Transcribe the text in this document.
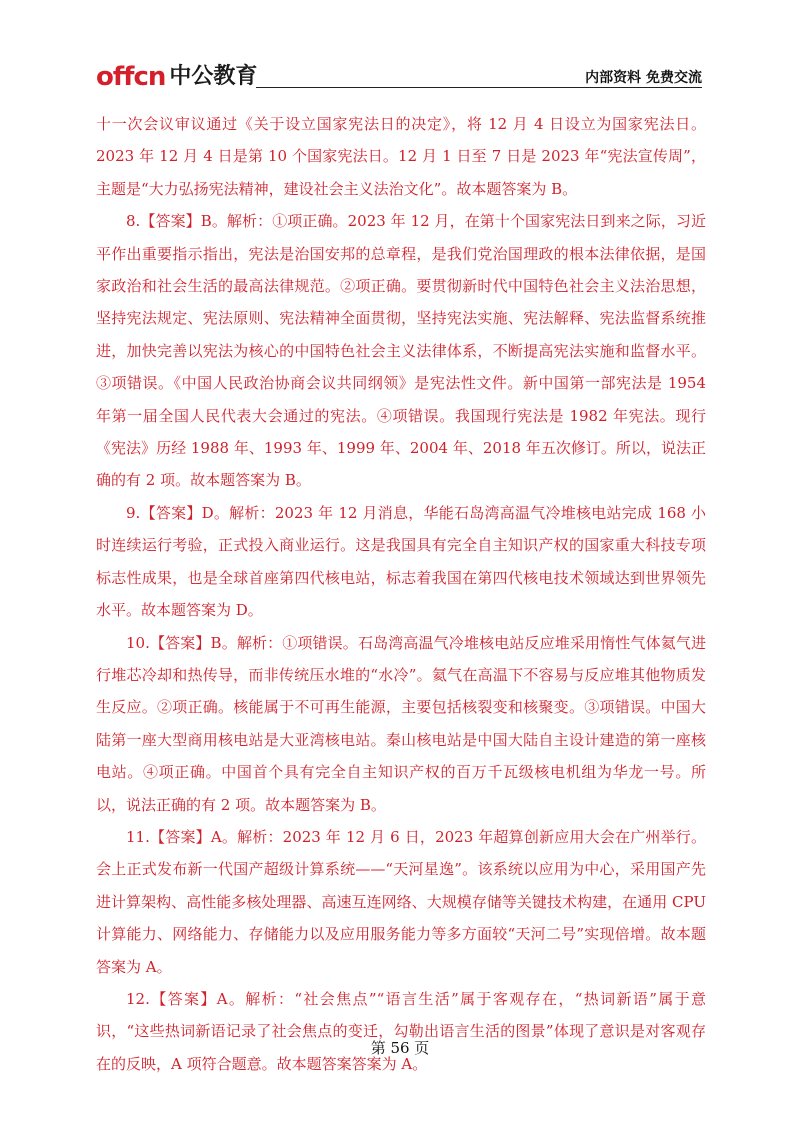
offcn 中公教育	内部资料 免费交流

十一次会议审议通过《关于设立国家宪法日的决定》，将 12 月 4 日设立为国家宪法日。2023 年 12 月 4 日是第 10 个国家宪法日。12 月 1 日至 7 日是 2023 年“宪法宣传周”，主题是“大力弘扬宪法精神，建设社会主义法治文化”。故本题答案为 B。

8.【答案】B。解析：①项正确。2023 年 12 月，在第十个国家宪法日到来之际，习近平作出重要指示指出，宪法是治国安邦的总章程，是我们党治国理政的根本法律依据，是国家政治和社会生活的最高法律规范。②项正确。要贯彻新时代中国特色社会主义法治思想，坚持宪法规定、宪法原则、宪法精神全面贯彻，坚持宪法实施、宪法解释、宪法监督系统推进，加快完善以宪法为核心的中国特色社会主义法律体系，不断提高宪法实施和监督水平。③项错误。《中国人民政治协商会议共同纲领》是宪法性文件。新中国第一部宪法是 1954 年第一届全国人民代表大会通过的宪法。④项错误。我国现行宪法是 1982 年宪法。现行《宪法》历经 1988 年、1993 年、1999 年、2004 年、2018 年五次修订。所以，说法正确的有 2 项。故本题答案为 B。

9.【答案】D。解析：2023 年 12 月消息，华能石岛湾高温气冷堆核电站完成 168 小时连续运行考验，正式投入商业运行。这是我国具有完全自主知识产权的国家重大科技专项标志性成果，也是全球首座第四代核电站，标志着我国在第四代核电技术领域达到世界领先水平。故本题答案为 D。

10.【答案】B。解析：①项错误。石岛湾高温气冷堆核电站反应堆采用惰性气体氦气进行堆芯冷却和热传导，而非传统压水堆的“水冷”。氦气在高温下不容易与反应堆其他物质发生反应。②项正确。核能属于不可再生能源，主要包括核裂变和核聚变。③项错误。中国大陆第一座大型商用核电站是大亚湾核电站。秦山核电站是中国大陆自主设计建造的第一座核电站。④项正确。中国首个具有完全自主知识产权的百万千瓦级核电机组为华龙一号。所以，说法正确的有 2 项。故本题答案为 B。

11.【答案】A。解析：2023 年 12 月 6 日，2023 年超算创新应用大会在广州举行。会上正式发布新一代国产超级计算系统——“天河星逸”。该系统以应用为中心，采用国产先进计算架构、高性能多核处理器、高速互连网络、大规模存储等关键技术构建，在通用 CPU 计算能力、网络能力、存储能力以及应用服务能力等多方面较“天河二号”实现倍增。故本题答案为 A。

12.【答案】A。解析：“社会焦点”“语言生活”属于客观存在，“热词新语”属于意识，“这些热词新语记录了社会焦点的变迁，勾勒出语言生活的图景”体现了意识是对客观存在的反映，A 项符合题意。故本题答案答案为 A。

第 56 页
